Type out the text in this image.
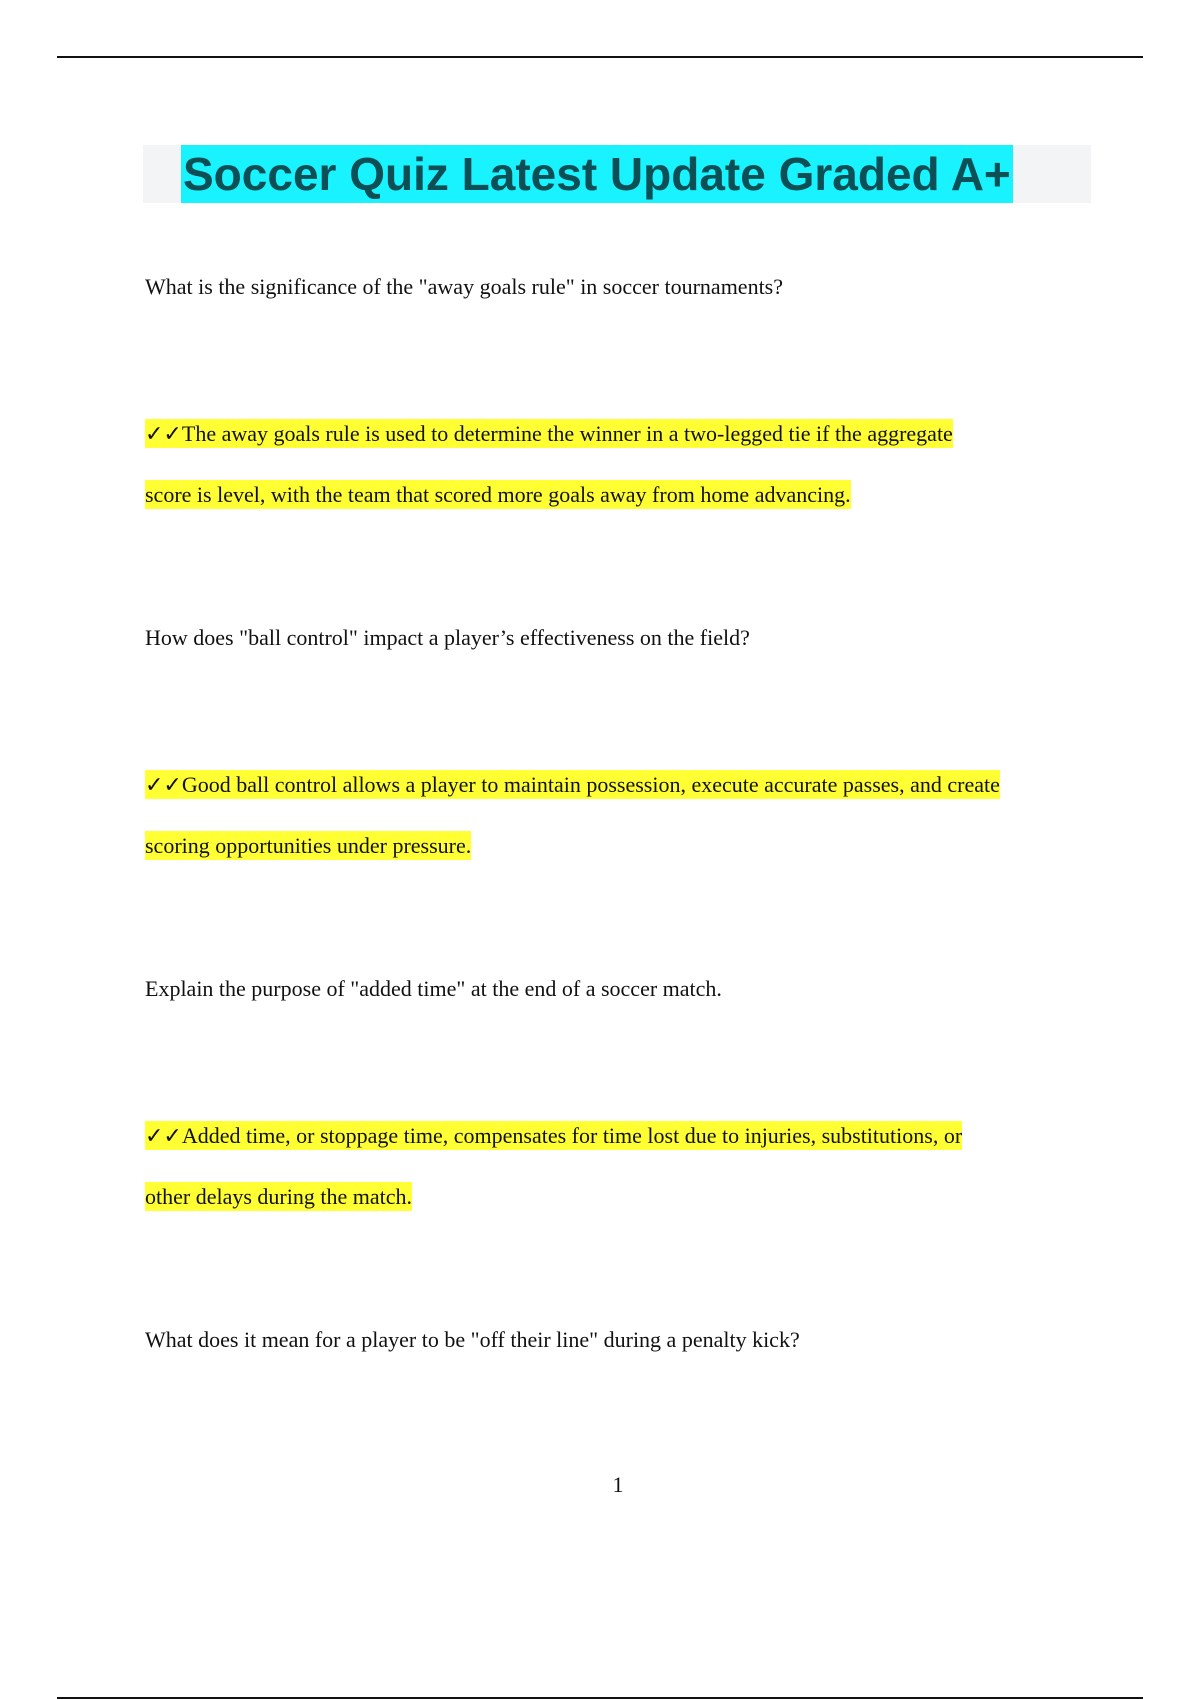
Soccer Quiz Latest Update Graded A+
What is the significance of the "away goals rule" in soccer tournaments?
✓✓The away goals rule is used to determine the winner in a two-legged tie if the aggregate
score is level, with the team that scored more goals away from home advancing.
How does "ball control" impact a player’s effectiveness on the field?
✓✓Good ball control allows a player to maintain possession, execute accurate passes, and create
scoring opportunities under pressure.
Explain the purpose of "added time" at the end of a soccer match.
✓✓Added time, or stoppage time, compensates for time lost due to injuries, substitutions, or
other delays during the match.
What does it mean for a player to be "off their line" during a penalty kick?
1
